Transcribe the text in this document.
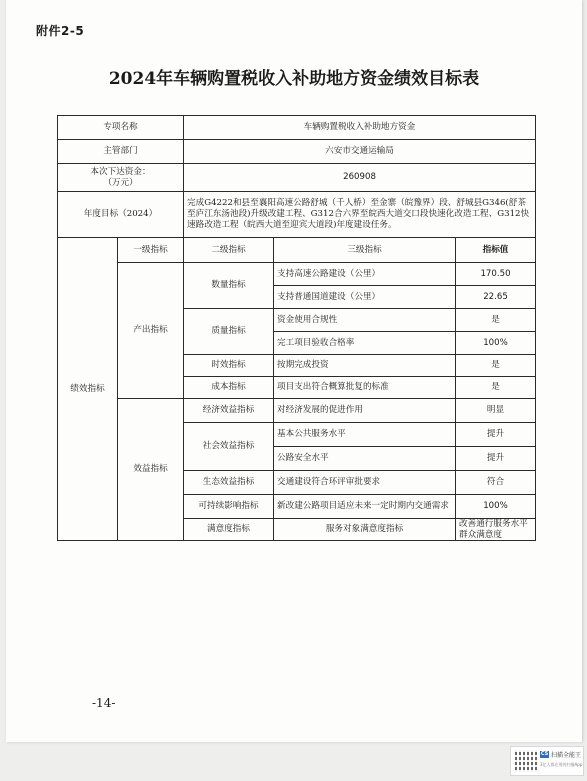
附件2-5
2024年车辆购置税收入补助地方资金绩效目标表
专项名称		车辆购置税收入补助地方资金			
主管部门		六安市交通运输局			

本次下达资金：
（万元）		260908			
年度目标（2024）		完成G4222和县至襄阳高速公路舒城（千人桥）至金寨（皖豫界）段、舒城县G346(舒茶至庐江东汤池段)升级改建工程、G312合六界至皖西大道交口段快速化改造工程、G312快速路改造工程（皖西大道至迎宾大道段)年度建设任务。			
绩效指标	一级指标	二级指标	三级指标	指标值	
	产出指标	数量指标	支持高速公路建设（公里）	170.50	
			支持普通国道建设（公里）	22.65	
		质量指标	资金使用合规性	是	
			完工项目验收合格率	100%	
		时效指标	按期完成投资	是	
		成本指标	项目支出符合概算批复的标准	是	
	效益指标	经济效益指标	对经济发展的促进作用	明显	
		社会效益指标	基本公共服务水平	提升	
			公路安全水平	提升	
		生态效益指标	交通建设符合环评审批要求	符合	
		可持续影响指标	新改建公路项目适应未来一定时期内交通需求	100%	
		满意度指标	服务对象满意度指标	改善通行服务水平群众满意度	
-14-
CS 扫描全能王
3亿人都在用的扫描App
